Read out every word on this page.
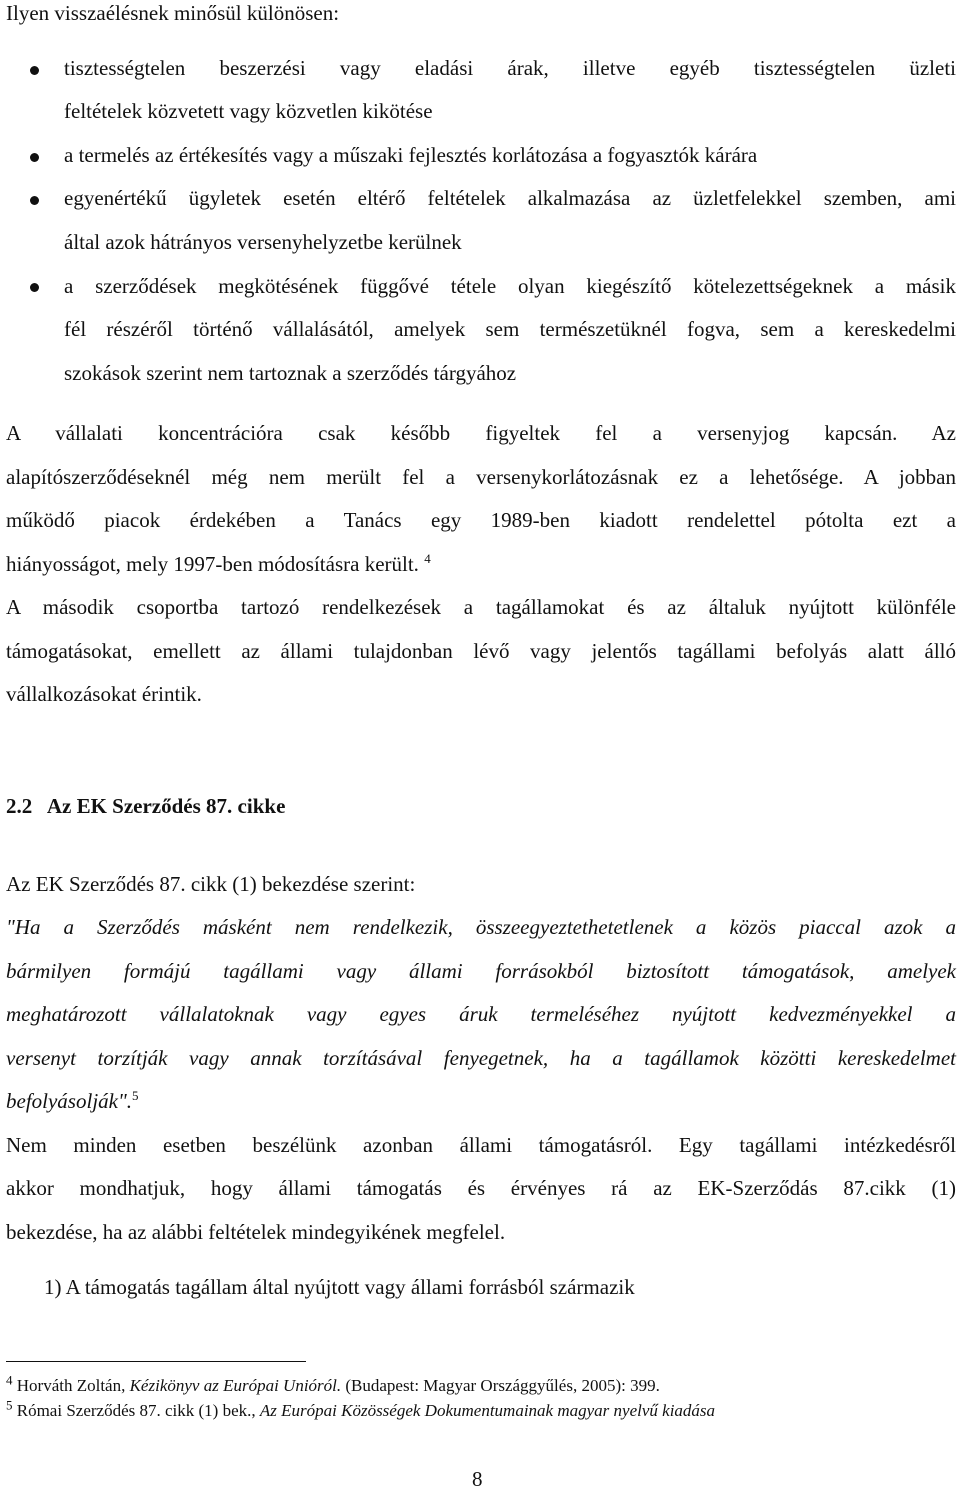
Ilyen visszaélésnek minősül különösen:
tisztességtelen beszerzési vagy eladási árak, illetve egyéb tisztességtelen üzleti
feltételek közvetett vagy közvetlen kikötése
a termelés az értékesítés vagy a műszaki fejlesztés korlátozása a fogyasztók kárára
egyenértékű ügyletek esetén eltérő feltételek alkalmazása az üzletfelekkel szemben, ami
által azok hátrányos versenyhelyzetbe kerülnek
a szerződések megkötésének függővé tétele olyan kiegészítő kötelezettségeknek a másik
fél részéről történő vállalásától, amelyek sem természetüknél fogva, sem a kereskedelmi
szokások szerint nem tartoznak a szerződés tárgyához
A vállalati koncentrációra csak később figyeltek fel a versenyjog kapcsán. Az
alapítószerződéseknél még nem merült fel a versenykorlátozásnak ez a lehetősége. A jobban
működő piacok érdekében a Tanács egy 1989-ben kiadott rendelettel pótolta ezt a
hiányosságot, mely 1997-ben módosításra került. $^4$
A második csoportba tartozó rendelkezések a tagállamokat és az általuk nyújtott különféle
támogatásokat, emellett az állami tulajdonban lévő vagy jelentős tagállami befolyás alatt álló
vállalkozásokat érintik.
2.2   Az EK Szerződés 87. cikke
Az EK Szerződés 87. cikk (1) bekezdése szerint:
"Ha a Szerződés másként nem rendelkezik, összeegyeztethetetlenek a közös piaccal azok a
bármilyen formájú tagállami vagy állami forrásokból biztosított támogatások, amelyek
meghatározott vállalatoknak vagy egyes áruk termeléséhez nyújtott kedvezményekkel a
versenyt torzítják vagy annak torzításával fenyegetnek, ha a tagállamok közötti kereskedelmet
befolyásolják".$^5$
Nem minden esetben beszélünk azonban állami támogatásról. Egy tagállami intézkedésről
akkor mondhatjuk, hogy állami támogatás és érvényes rá az EK-Szerződás 87.cikk (1)
bekezdése, ha az alábbi feltételek mindegyikének megfelel.
1) A támogatás tagállam által nyújtott vagy állami forrásból származik
$^4$ Horváth Zoltán, Kézikönyv az Európai Unióról. (Budapest: Magyar Országgyűlés, 2005): 399.
$^5$ Római Szerződés 87. cikk (1) bek., Az Európai Közösségek Dokumentumainak magyar nyelvű kiadása
8
